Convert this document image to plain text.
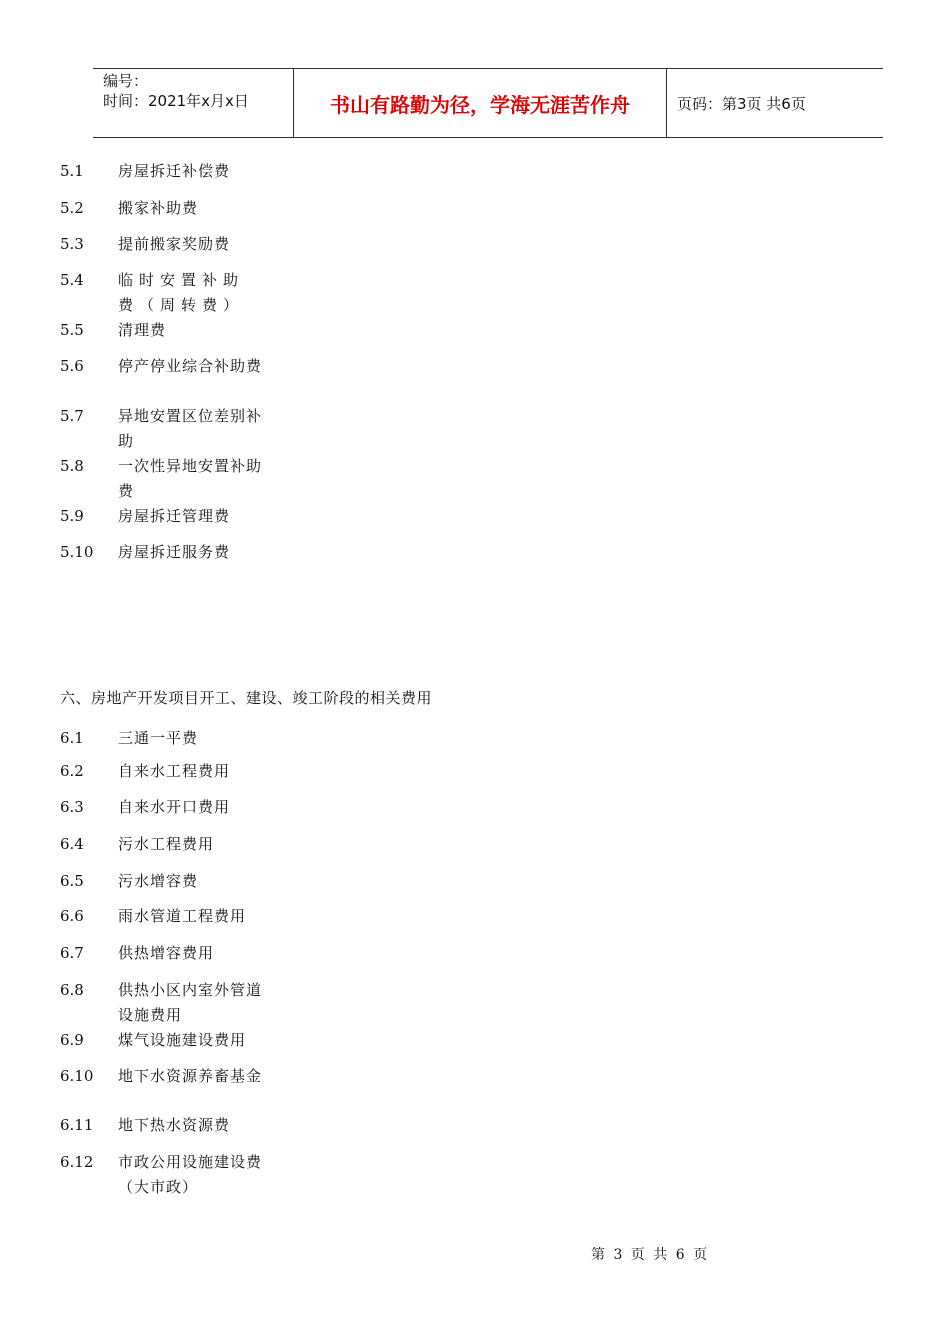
编号：
时间：2021年x月x日	书山有路勤为径，学海无涯苦作舟	页码：第3页 共6页
5.1	房屋拆迁补偿费
5.2	搬家补助费
5.3	提前搬家奖励费
5.4	临时安置补助费（周转费）
5.5	清理费
5.6	停产停业综合补助费
5.7	异地安置区位差别补助
5.8	一次性异地安置补助费
5.9	房屋拆迁管理费
5.10	房屋拆迁服务费
六、房地产开发项目开工、建设、竣工阶段的相关费用
6.1	三通一平费
6.2	自来水工程费用
6.3	自来水开口费用
6.4	污水工程费用
6.5	污水增容费
6.6	雨水管道工程费用
6.7	供热增容费用
6.8	供热小区内室外管道设施费用
6.9	煤气设施建设费用
6.10	地下水资源养畜基金
6.11	地下热水资源费
6.12	市政公用设施建设费（大市政）
第 3 页 共 6 页
